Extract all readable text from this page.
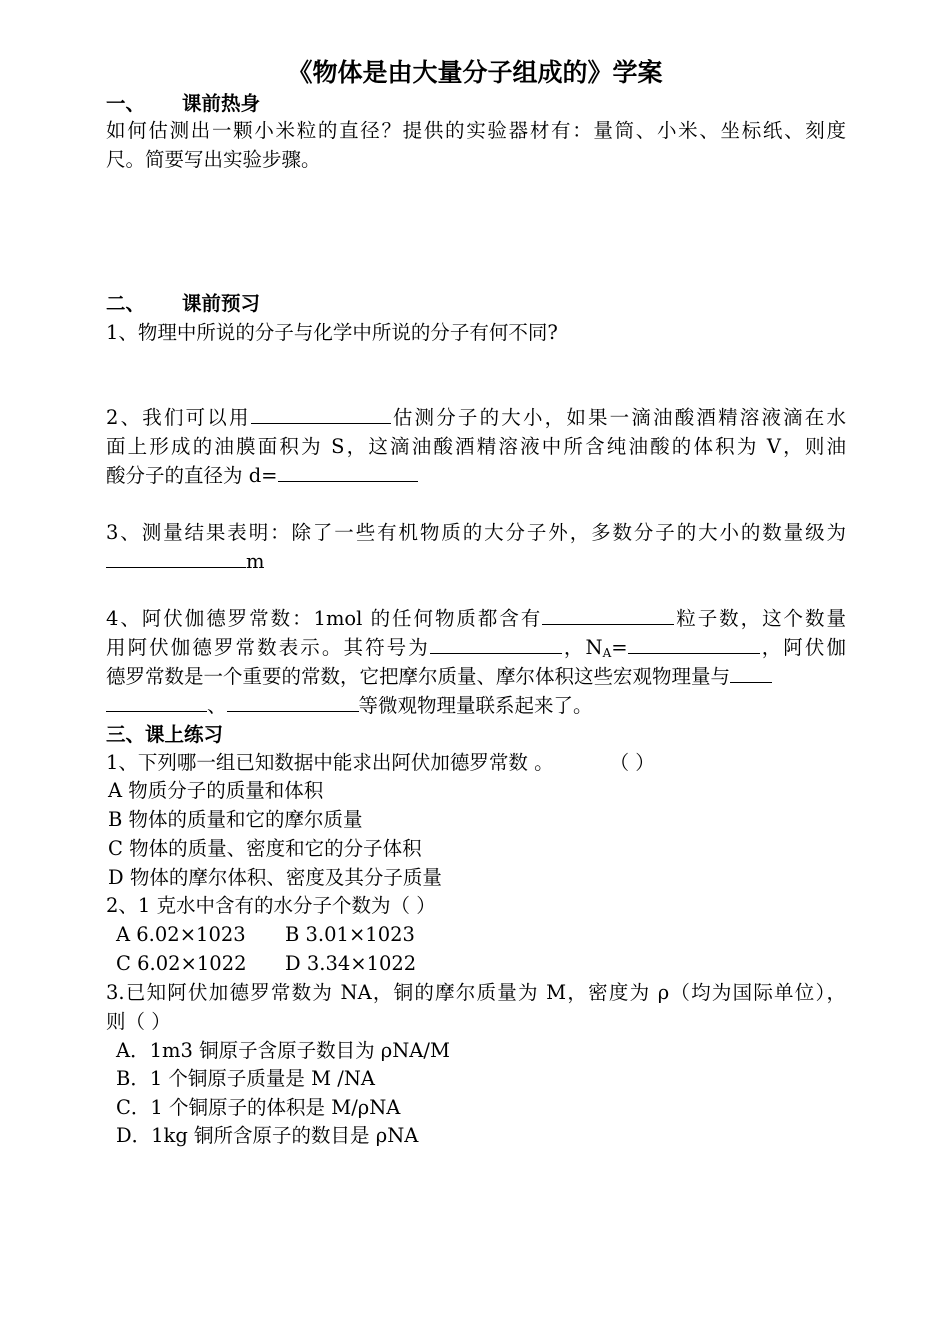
《物体是由大量分子组成的》学案
一、 课前热身
如何估测出一颗小米粒的直径？提供的实验器材有：量筒、小米、坐标纸、刻度
尺。简要写出实验步骤。
二、 课前预习
1、物理中所说的分子与化学中所说的分子有何不同?
2、我们可以用	估测分子的大小，如果一滴油酸酒精溶液滴在水
面上形成的油膜面积为 S，这滴油酸酒精溶液中所含纯油酸的体积为 V，则油
酸分子的直径为 d=
3、测量结果表明：除了一些有机物质的大分子外，多数分子的大小的数量级为
m
4、阿伏伽德罗常数：1mol 的任何物质都含有	粒子数，这个数量
用阿伏伽德罗常数表示。其符号为	，$N_A=$	，阿伏伽
德罗常数是一个重要的常数，它把摩尔质量、摩尔体积这些宏观物理量与
、	等微观物理量联系起来了。
三、课上练习
1、下列哪一组已知数据中能求出阿伏加德罗常数 。	（ ）
A 物质分子的质量和体积
B 物体的质量和它的摩尔质量
C 物体的质量、密度和它的分子体积
D 物体的摩尔体积、密度及其分子质量
2、1 克水中含有的水分子个数为（ ）
A 6.02×1023 B 3.01×1023
C 6.02×1022 D 3.34×1022
3.已知阿伏加德罗常数为 NA，铜的摩尔质量为 M，密度为 ρ（均为国际单位），
则（ ）
A．1m3 铜原子含原子数目为 ρNA/M
B．1 个铜原子质量是 M /NA
C．1 个铜原子的体积是 M/ρNA
D．1kg 铜所含原子的数目是 ρNA
